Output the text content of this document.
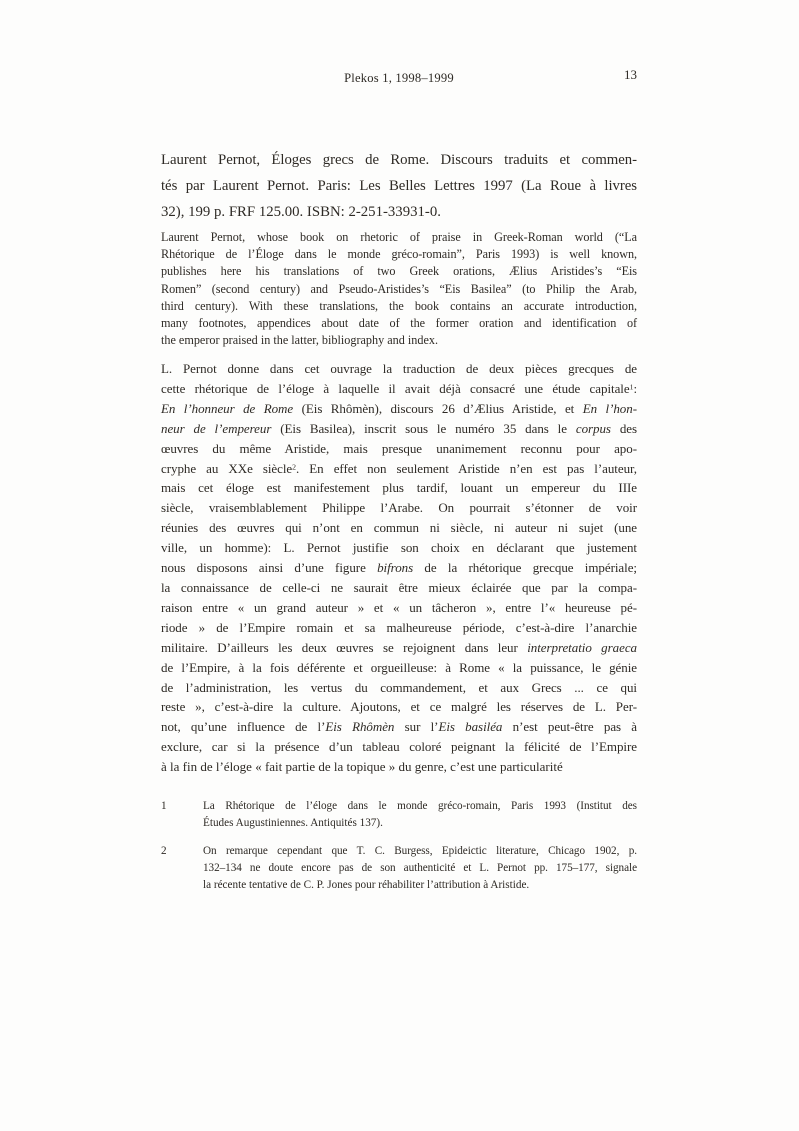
Plekos 1, 1998–1999	13
Laurent Pernot, Éloges grecs de Rome. Discours traduits et commen-
tés par Laurent Pernot. Paris: Les Belles Lettres 1997 (La Roue à livres
32), 199 p. FRF 125.00. ISBN: 2-251-33931-0.
Laurent Pernot, whose book on rhetoric of praise in Greek-Roman world (“La
Rhétorique de l’Éloge dans le monde gréco-romain”, Paris 1993) is well known,
publishes here his translations of two Greek orations, Ælius Aristides’s “Eis
Romen” (second century) and Pseudo-Aristides’s “Eis Basilea” (to Philip the Arab,
third century). With these translations, the book contains an accurate introduction,
many footnotes, appendices about date of the former oration and identification of
the emperor praised in the latter, bibliography and index.
L. Pernot donne dans cet ouvrage la traduction de deux pièces grecques de
cette rhétorique de l’éloge à laquelle il avait déjà consacré une étude capitale$^1$:
En l’honneur de Rome (Eis Rhômèn), discours 26 d’Ælius Aristide, et En l’hon-
neur de l’empereur (Eis Basilea), inscrit sous le numéro 35 dans le corpus des
œuvres du même Aristide, mais presque unanimement reconnu pour apo-
cryphe au XXe siècle$^2$. En effet non seulement Aristide n’en est pas l’auteur,
mais cet éloge est manifestement plus tardif, louant un empereur du IIIe
siècle, vraisemblablement Philippe l’Arabe. On pourrait s’étonner de voir
réunies des œuvres qui n’ont en commun ni siècle, ni auteur ni sujet (une
ville, un homme): L. Pernot justifie son choix en déclarant que justement
nous disposons ainsi d’une figure bifrons de la rhétorique grecque impériale;
la connaissance de celle-ci ne saurait être mieux éclairée que par la compa-
raison entre « un grand auteur » et « un tâcheron », entre l’« heureuse pé-
riode » de l’Empire romain et sa malheureuse période, c’est-à-dire l’anarchie
militaire. D’ailleurs les deux œuvres se rejoignent dans leur interpretatio graeca
de l’Empire, à la fois déférente et orgueilleuse: à Rome « la puissance, le génie
de l’administration, les vertus du commandement, et aux Grecs ... ce qui
reste », c’est-à-dire la culture. Ajoutons, et ce malgré les réserves de L. Per-
not, qu’une influence de l’Eis Rhômèn sur l’Eis basiléa n’est peut-être pas à
exclure, car si la présence d’un tableau coloré peignant la félicité de l’Empire
à la fin de l’éloge « fait partie de la topique » du genre, c’est une particularité
1	La Rhétorique de l’éloge dans le monde gréco-romain, Paris 1993 (Institut des
Études Augustiniennes. Antiquités 137).
2	On remarque cependant que T. C. Burgess, Epideictic literature, Chicago 1902, p.
132–134 ne doute encore pas de son authenticité et L. Pernot pp. 175–177, signale
la récente tentative de C. P. Jones pour réhabiliter l’attribution à Aristide.
